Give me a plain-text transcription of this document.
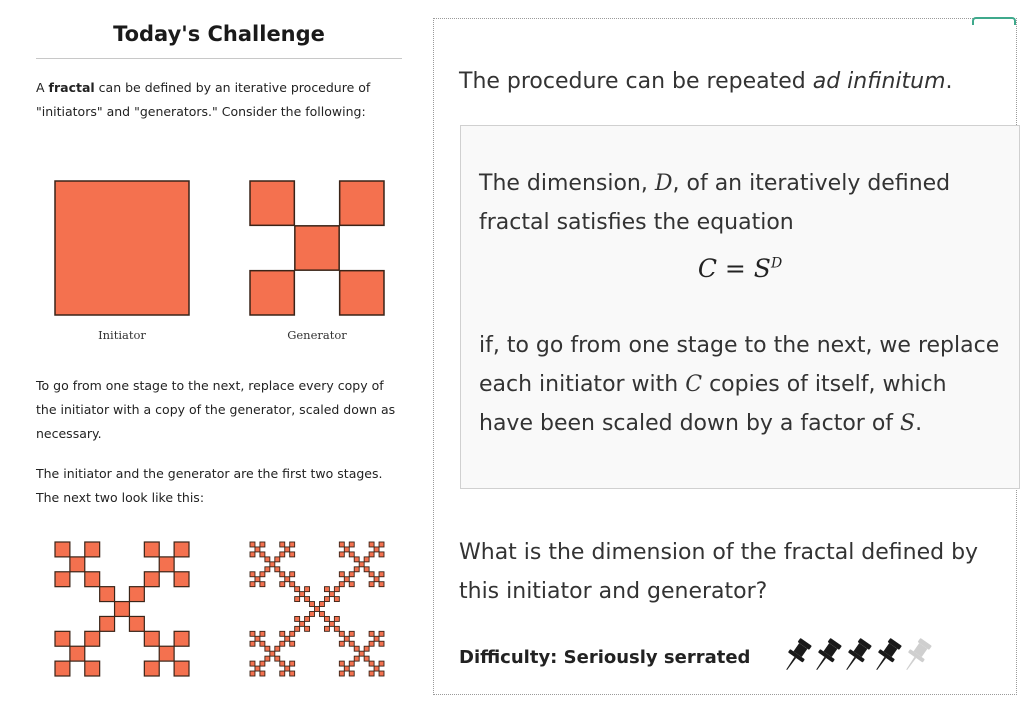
Today's Challenge
A fractal can be defined by an iterative procedure of "initiators" and "generators." Consider the following:
Initiator	Generator
To go from one stage to the next, replace every copy of the initiator with a copy of the generator, scaled down as necessary.
The initiator and the generator are the first two stages. The next two look like this:
The procedure can be repeated ad infinitum.
The dimension, D, of an iteratively defined fractal satisfies the equation
$C = S^D$
if, to go from one stage to the next, we replace each initiator with C copies of itself, which have been scaled down by a factor of S.
What is the dimension of the fractal defined by this initiator and generator?
Difficulty: Seriously serrated
